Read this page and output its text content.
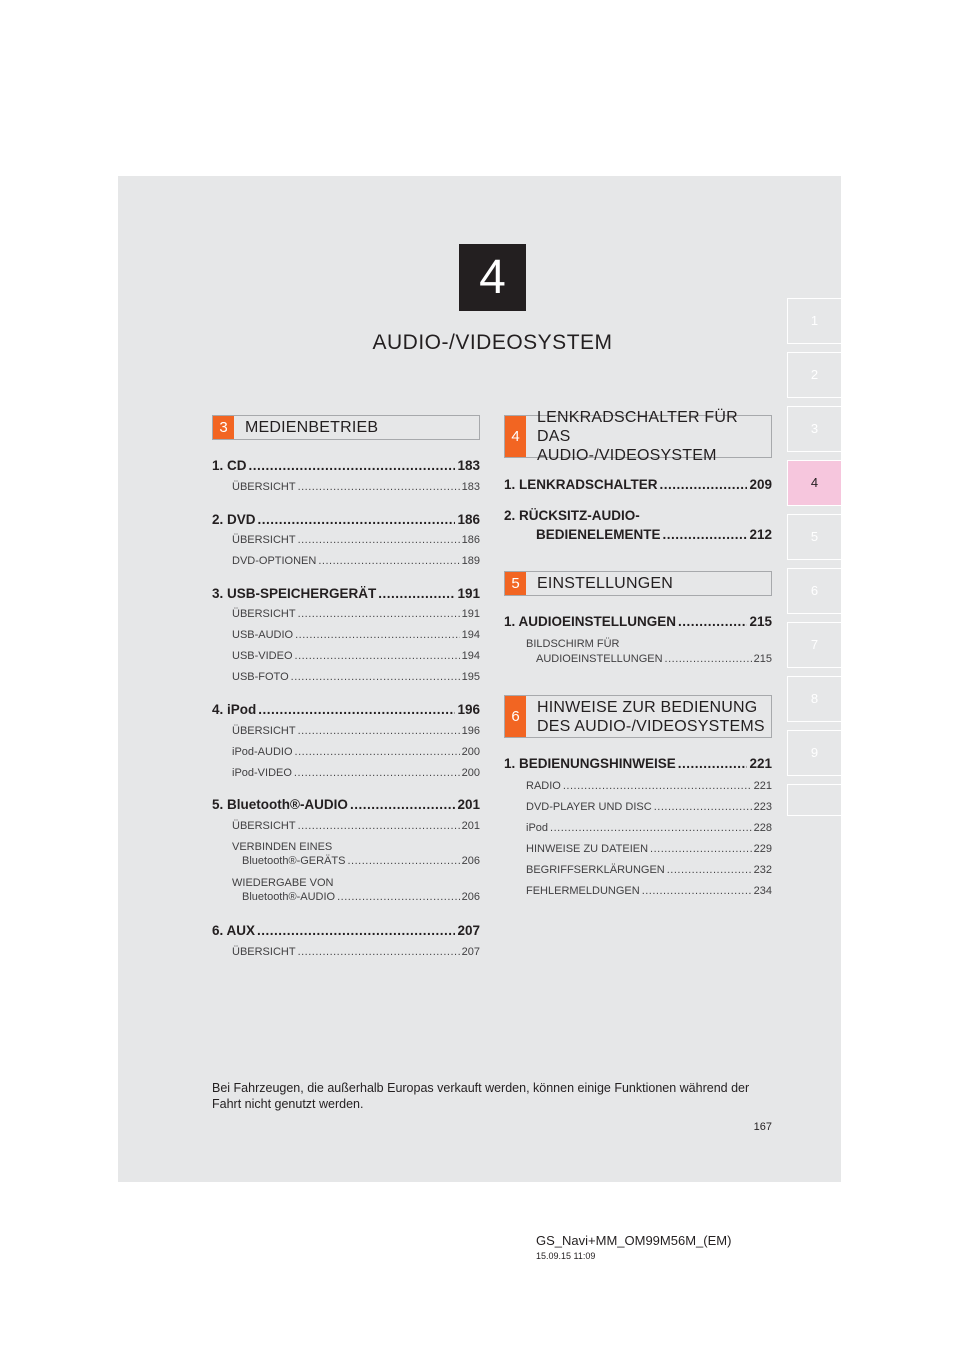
4
AUDIO-/VIDEOSYSTEM
1
2
3
4
5
6
7
8
9
3	MEDIENBETRIEB
1. CD .....	183
ÜBERSICHT .....	183
2. DVD .....	186
ÜBERSICHT .....	186
DVD-OPTIONEN .....	189
3. USB-SPEICHERGERÄT .....	191
ÜBERSICHT .....	191
USB-AUDIO .....	194
USB-VIDEO .....	194
USB-FOTO .....	195
4. iPod .....	196
ÜBERSICHT .....	196
iPod-AUDIO .....	200
iPod-VIDEO .....	200
5. Bluetooth®-AUDIO .....	201
ÜBERSICHT .....	201
VERBINDEN EINES
Bluetooth®-GERÄTS .....	206
WIEDERGABE VON
Bluetooth®-AUDIO .....	206
6. AUX .....	207
ÜBERSICHT .....	207
4
LENKRADSCHALTER FÜR DAS
AUDIO-/VIDEOSYSTEM
1. LENKRADSCHALTER .....	209
2. RÜCKSITZ-AUDIO-
BEDIENELEMENTE .....	212
5	EINSTELLUNGEN
1. AUDIOEINSTELLUNGEN .....	215
BILDSCHIRM FÜR
AUDIOEINSTELLUNGEN .....	215
6
HINWEISE ZUR BEDIENUNG
DES AUDIO-/VIDEOSYSTEMS
1. BEDIENUNGSHINWEISE .....	221
RADIO .....	221
DVD-PLAYER UND DISC .....	223
iPod .....	228
HINWEISE ZU DATEIEN .....	229
BEGRIFFSERKLÄRUNGEN .....	232
FEHLERMELDUNGEN .....	234
Bei Fahrzeugen, die außerhalb Europas verkauft werden, können einige Funktionen während der Fahrt nicht genutzt werden.
167
GS_Navi+MM_OM99M56M_(EM)
15.09.15 11:09
